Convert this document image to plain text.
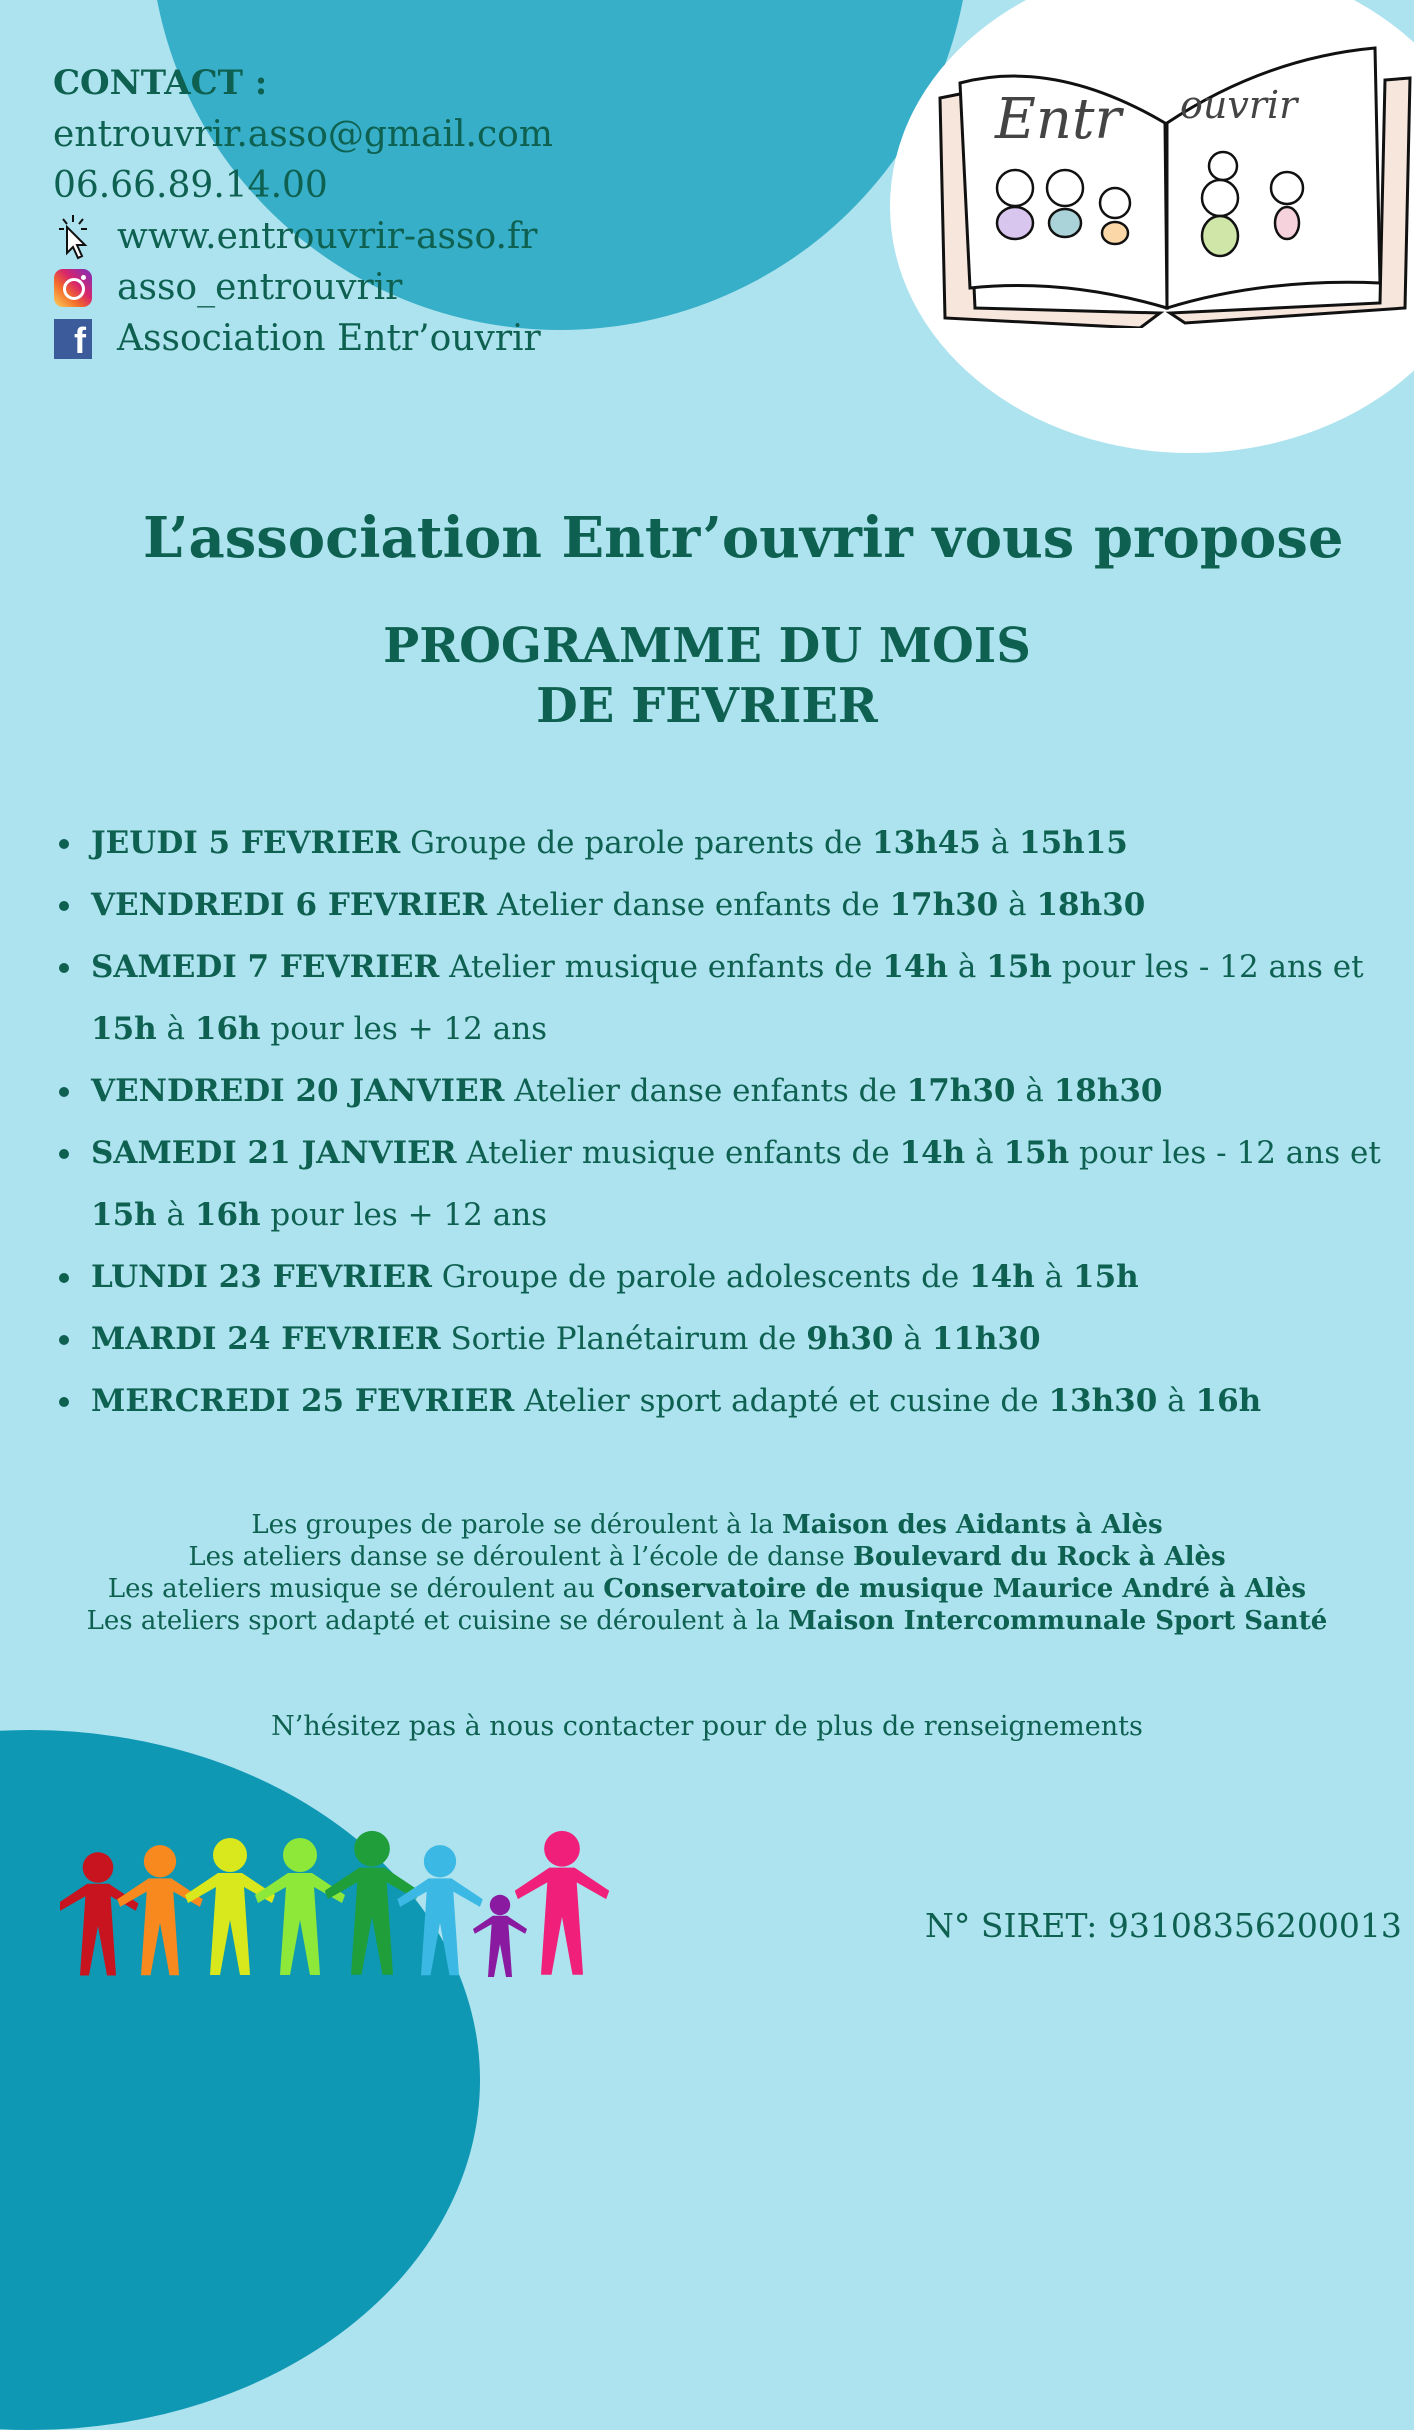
CONTACT :
entrouvrir.asso@gmail.com
06.66.89.14.00
www.entrouvrir-asso.fr
asso_entrouvrir
f Association Entr’ouvrir
Entr ouvrir
L’association Entr’ouvrir vous propose
PROGRAMME DU MOIS
DE FEVRIER
JEUDI 5 FEVRIER Groupe de parole parents de 13h45 à 15h15
VENDREDI 6 FEVRIER Atelier danse enfants de 17h30 à 18h30
SAMEDI 7 FEVRIER Atelier musique enfants de 14h à 15h pour les - 12 ans et 15h à 16h pour les + 12 ans
VENDREDI 20 JANVIER Atelier danse enfants de 17h30 à 18h30
SAMEDI 21 JANVIER Atelier musique enfants de 14h à 15h pour les - 12 ans et 15h à 16h pour les + 12 ans
LUNDI 23 FEVRIER Groupe de parole adolescents de 14h à 15h
MARDI 24 FEVRIER Sortie Planétairum de 9h30 à 11h30
MERCREDI 25 FEVRIER Atelier sport adapté et cusine de 13h30 à 16h
Les groupes de parole se déroulent à la Maison des Aidants à Alès
Les ateliers danse se déroulent à l’école de danse Boulevard du Rock à Alès
Les ateliers musique se déroulent au Conservatoire de musique Maurice André à Alès
Les ateliers sport adapté et cuisine se déroulent à la Maison Intercommunale Sport Santé
N’hésitez pas à nous contacter pour de plus de renseignements
N° SIRET: 93108356200013
